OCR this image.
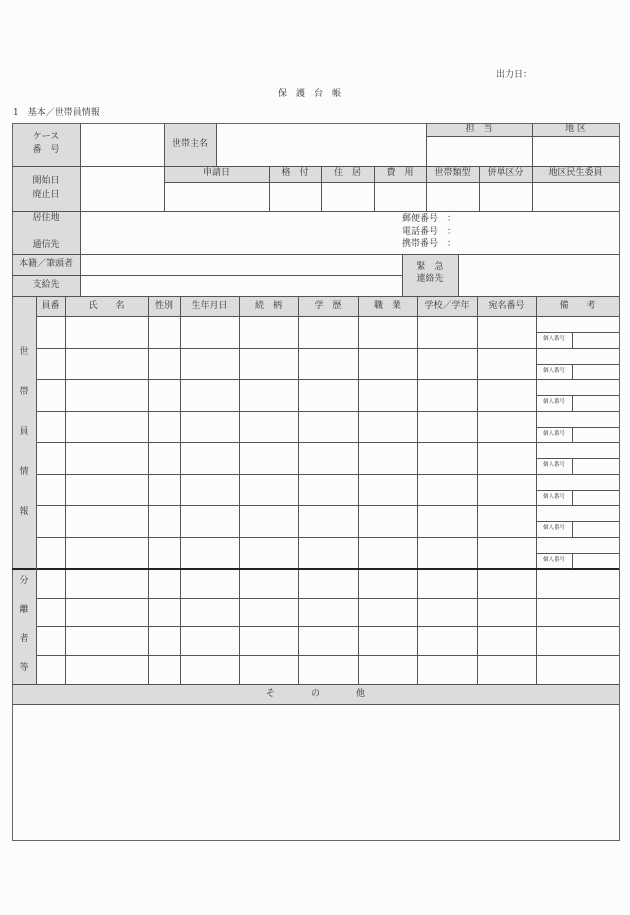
出力日：
保　護　台　帳
1　基本／世帯員情報
ケース
番　号
世帯主名
担　当	地 区
開始日
廃止日
申請日	格　付	住　居	費　用	世帯類型	併単区分	地区民生委員
居住地
通信先
郵便番号　：
電話番号　：
携帯番号　：
本籍／筆頭者
支給先
緊　急
連絡先
員番	氏　　名	性別	生年月日	続　柄	学　歴	職　業	学校／学年	宛名番号	備　　考
個人番号
個人番号
個人番号
個人番号
個人番号
個人番号
個人番号
個人番号
世
帯
員
情
報
分
離
者
等
そ　　　　の　　　　他
